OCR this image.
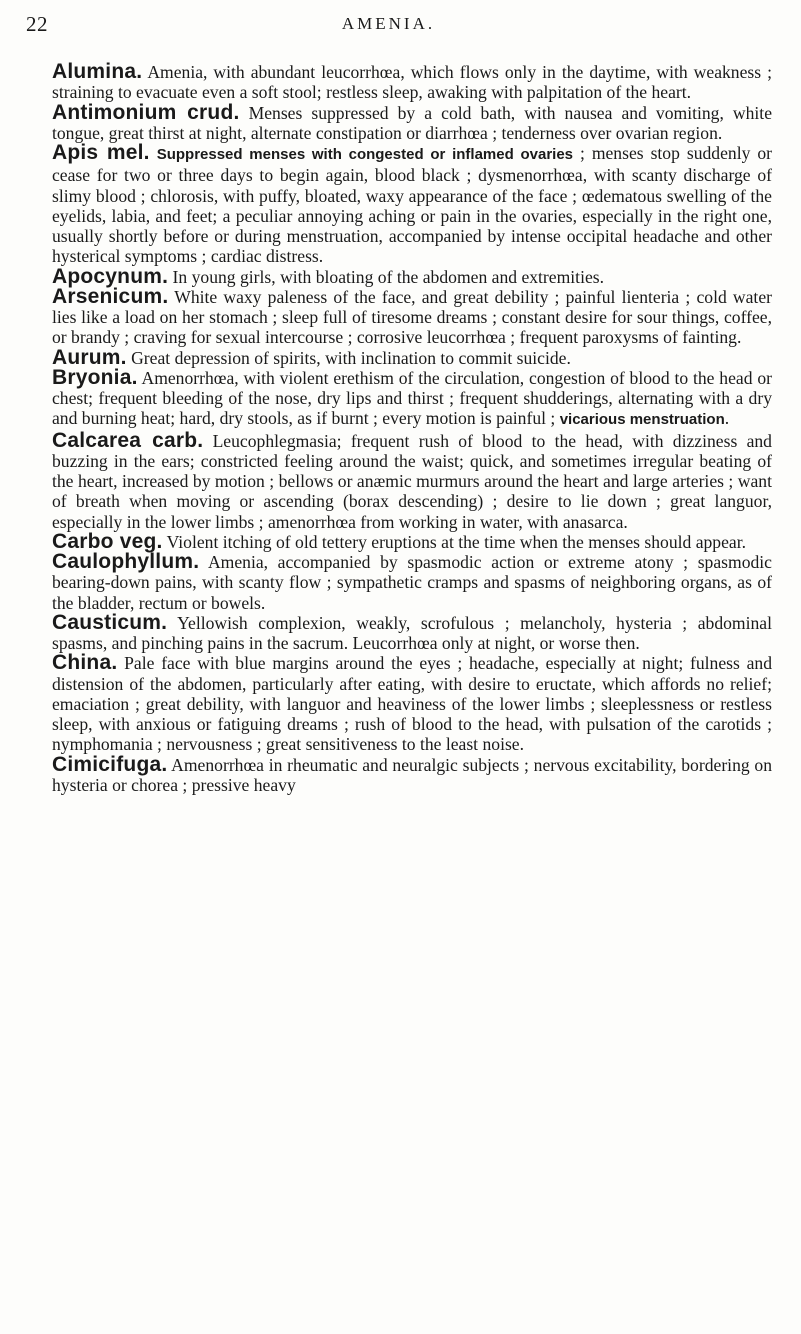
22	AMENIA.

Alumina. Amenia, with abundant leucorrhœa, which flows only in the daytime, with weakness ; straining to evacuate even a soft stool; restless sleep, awaking with palpitation of the heart.

Antimonium crud. Menses suppressed by a cold bath, with nausea and vomiting, white tongue, great thirst at night, alternate constipation or diarrhœa ; tenderness over ovarian region.

Apis mel. Suppressed menses with congested or inflamed ovaries ; menses stop suddenly or cease for two or three days to begin again, blood black ; dysmenorrhœa, with scanty discharge of slimy blood ; chlorosis, with puffy, bloated, waxy appearance of the face ; œdematous swelling of the eyelids, labia, and feet; a peculiar annoying aching or pain in the ovaries, especially in the right one, usually shortly before or during menstruation, accompanied by intense occipital headache and other hysterical symptoms ; cardiac distress.

Apocynum. In young girls, with bloating of the abdomen and extremities.

Arsenicum. White waxy paleness of the face, and great debility ; painful lienteria ; cold water lies like a load on her stomach ; sleep full of tiresome dreams ; constant desire for sour things, coffee, or brandy ; craving for sexual intercourse ; corrosive leucorrhœa ; frequent paroxysms of fainting.

Aurum. Great depression of spirits, with inclination to commit suicide.

Bryonia. Amenorrhœa, with violent erethism of the circulation, congestion of blood to the head or chest; frequent bleeding of the nose, dry lips and thirst ; frequent shudderings, alternating with a dry and burning heat; hard, dry stools, as if burnt ; every motion is painful ; vicarious menstruation.

Calcarea carb. Leucophlegmasia; frequent rush of blood to the head, with dizziness and buzzing in the ears; constricted feeling around the waist; quick, and sometimes irregular beating of the heart, increased by motion ; bellows or anæmic murmurs around the heart and large arteries ; want of breath when moving or ascending (borax descending) ; desire to lie down ; great languor, especially in the lower limbs ; amenorrhœa from working in water, with anasarca.

Carbo veg. Violent itching of old tettery eruptions at the time when the menses should appear.

Caulophyllum. Amenia, accompanied by spasmodic action or extreme atony ; spasmodic bearing-down pains, with scanty flow ; sympathetic cramps and spasms of neighboring organs, as of the bladder, rectum or bowels.

Causticum. Yellowish complexion, weakly, scrofulous ; melancholy, hysteria ; abdominal spasms, and pinching pains in the sacrum. Leucorrhœa only at night, or worse then.

China. Pale face with blue margins around the eyes ; headache, especially at night; fulness and distension of the abdomen, particularly after eating, with desire to eructate, which affords no relief; emaciation ; great debility, with languor and heaviness of the lower limbs ; sleeplessness or restless sleep, with anxious or fatiguing dreams ; rush of blood to the head, with pulsation of the carotids ; nymphomania ; nervousness ; great sensitiveness to the least noise.

Cimicifuga. Amenorrhœa in rheumatic and neuralgic subjects ; nervous excitability, bordering on hysteria or chorea ; pressive heavy
